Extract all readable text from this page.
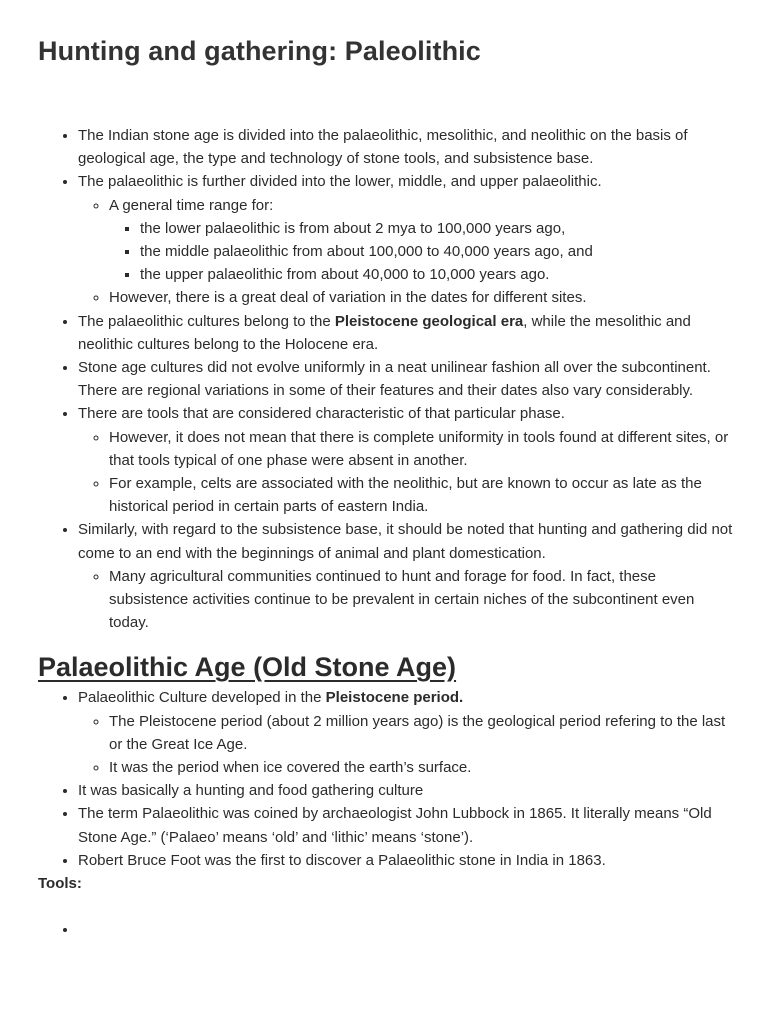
Hunting and gathering: Paleolithic
• The Indian stone age is divided into the palaeolithic, mesolithic, and neolithic on the basis of geological age, the type and technology of stone tools, and subsistence base.
• The palaeolithic is further divided into the lower, middle, and upper palaeolithic.
◦ A general time range for:
▪ the lower palaeolithic is from about 2 mya to 100,000 years ago,
▪ the middle palaeolithic from about 100,000 to 40,000 years ago, and
▪ the upper palaeolithic from about 40,000 to 10,000 years ago.
◦ However, there is a great deal of variation in the dates for different sites.
• The palaeolithic cultures belong to the Pleistocene geological era, while the mesolithic and neolithic cultures belong to the Holocene era.
• Stone age cultures did not evolve uniformly in a neat unilinear fashion all over the subcontinent. There are regional variations in some of their features and their dates also vary considerably.
• There are tools that are considered characteristic of that particular phase.
◦ However, it does not mean that there is complete uniformity in tools found at different sites, or that tools typical of one phase were absent in another.
◦ For example, celts are associated with the neolithic, but are known to occur as late as the historical period in certain parts of eastern India.
• Similarly, with regard to the subsistence base, it should be noted that hunting and gathering did not come to an end with the beginnings of animal and plant domestication.
◦ Many agricultural communities continued to hunt and forage for food. In fact, these subsistence activities continue to be prevalent in certain niches of the subcontinent even today.
Palaeolithic Age (Old Stone Age)
• Palaeolithic Culture developed in the Pleistocene period.
◦ The Pleistocene period (about 2 million years ago) is the geological period refering to the last or the Great Ice Age.
◦ It was the period when ice covered the earth’s surface.
• It was basically a hunting and food gathering culture
• The term Palaeolithic was coined by archaeologist John Lubbock in 1865. It literally means “Old Stone Age.” (‘Palaeo’ means ‘old’ and ‘lithic’ means ‘stone’).
• Robert Bruce Foot was the first to discover a Palaeolithic stone in India in 1863.

Tools:

•
